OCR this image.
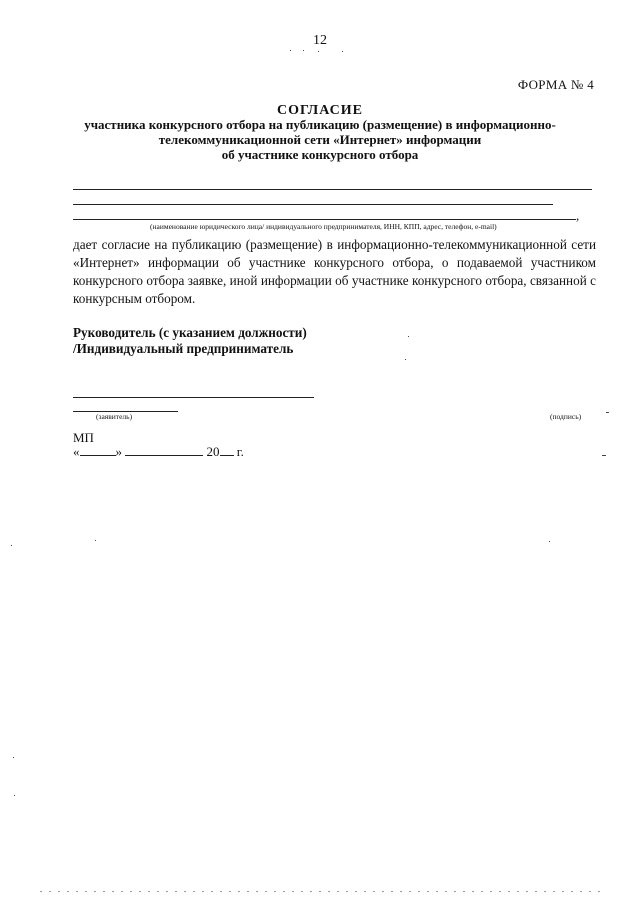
12
ФОРМА № 4
СОГЛАСИЕ
участника конкурсного отбора на публикацию (размещение) в информационно-
телекоммуникационной сети «Интернет» информации
об участнике конкурсного отбора
,
(наименование юридического лица/ индивидуального предпринимателя, ИНН, КПП, адрес, телефон, e-mail)
дает согласие на публикацию (размещение) в информационно-телекоммуникационной сети «Интернет» информации об участнике конкурсного отбора, о подаваемой участником конкурсного отбора заявке, иной информации об участнике конкурсного отбора, связанной с конкурсным отбором.
Руководитель (с указанием должности)
/Индивидуальный предприниматель
(заявитель)	(подпись)
МП
«	»	20 г.
